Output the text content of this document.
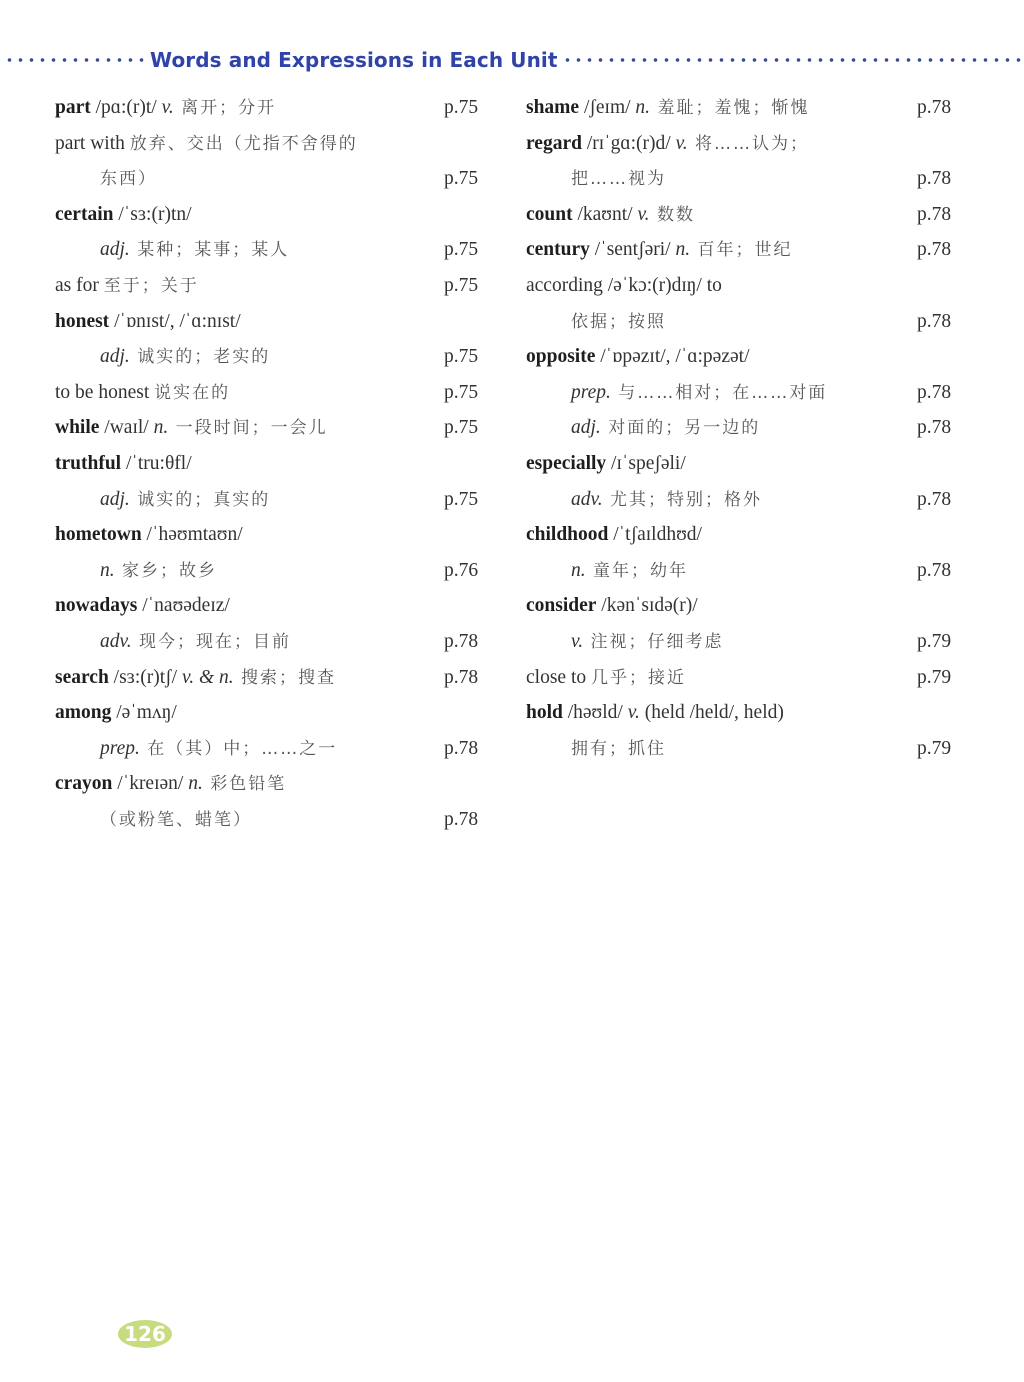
Words and Expressions in Each Unit
part /pɑ:(r)t/ v. 离开；分开	p.75
part with 放弃、交出（尤指不舍得的
东西）	p.75
certain /ˈsɜ:(r)tn/
adj. 某种；某事；某人	p.75
as for 至于；关于	p.75
honest /ˈɒnɪst/, /ˈɑ:nɪst/
adj. 诚实的；老实的	p.75
to be honest 说实在的	p.75
while /waɪl/ n. 一段时间；一会儿	p.75
truthful /ˈtru:θfl/
adj. 诚实的；真实的	p.75
hometown /ˈhəʊmtaʊn/
n. 家乡；故乡	p.76
nowadays /ˈnaʊədeɪz/
adv. 现今；现在；目前	p.78
search /sɜ:(r)tʃ/ v. & n. 搜索；搜查	p.78
among /əˈmʌŋ/
prep. 在（其）中；……之一	p.78
crayon /ˈkreɪən/ n. 彩色铅笔
（或粉笔、蜡笔）	p.78
shame /ʃeɪm/ n. 羞耻；羞愧；惭愧	p.78
regard /rɪˈgɑ:(r)d/ v. 将……认为；
把……视为	p.78
count /kaʊnt/ v. 数数	p.78
century /ˈsentʃəri/ n. 百年；世纪	p.78
according /əˈkɔ:(r)dɪŋ/ to
依据；按照	p.78
opposite /ˈɒpəzɪt/, /ˈɑ:pəzət/
prep. 与……相对；在……对面	p.78
adj. 对面的；另一边的	p.78
especially /ɪˈspeʃəli/
adv. 尤其；特别；格外	p.78
childhood /ˈtʃaɪldhʊd/
n. 童年；幼年	p.78
consider /kənˈsɪdə(r)/
v. 注视；仔细考虑	p.79
close to 几乎；接近	p.79
hold /həʊld/ v. (held /held/, held)
拥有；抓住	p.79
126
